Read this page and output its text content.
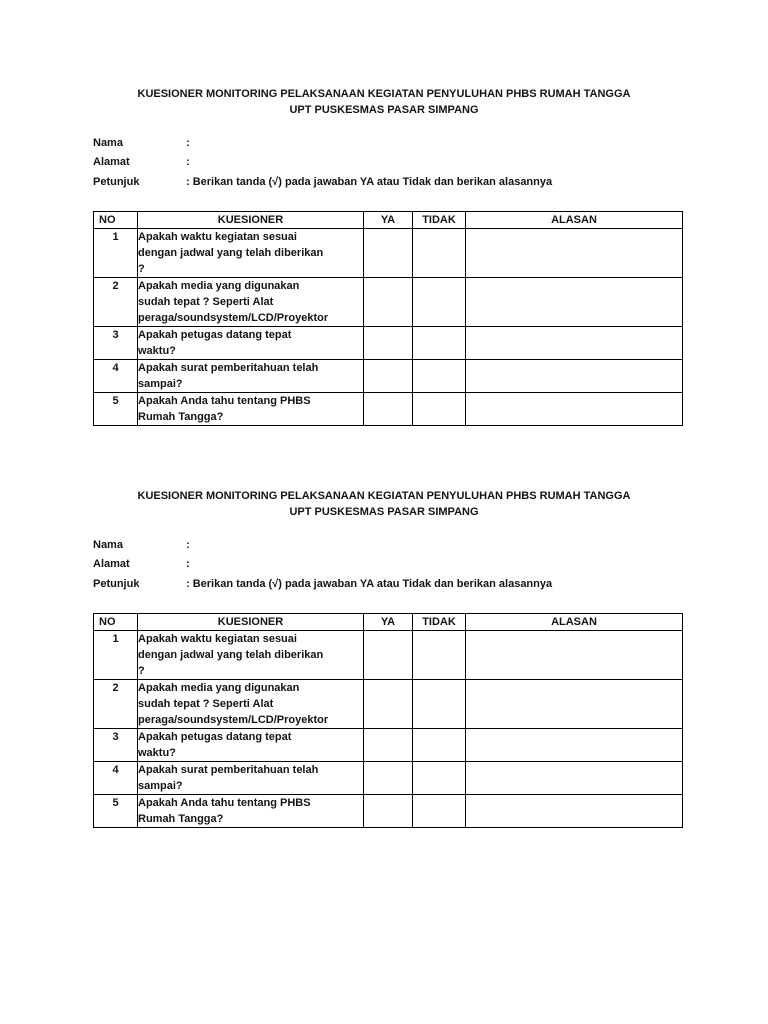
KUESIONER MONITORING PELAKSANAAN KEGIATAN PENYULUHAN PHBS RUMAH TANGGA
UPT PUSKESMAS PASAR SIMPANG
Nama	:
Alamat	:
Petunjuk	: Berikan tanda (√) pada jawaban YA atau Tidak dan berikan alasannya
NO	KUESIONER	YA	TIDAK	ALASAN
1	Apakah waktu kegiatan sesuai
dengan jadwal yang telah diberikan
?			

2	Apakah media yang digunakan
sudah tepat ? Seperti Alat
peraga/soundsystem/LCD/Proyektor			

3	Apakah petugas datang tepat
waktu?			

4	Apakah surat pemberitahuan telah
sampai?			

5	Apakah Anda tahu tentang PHBS
Rumah Tangga?			

KUESIONER MONITORING PELAKSANAAN KEGIATAN PENYULUHAN PHBS RUMAH TANGGA
UPT PUSKESMAS PASAR SIMPANG
Nama	:
Alamat	:
Petunjuk	: Berikan tanda (√) pada jawaban YA atau Tidak dan berikan alasannya
NO	KUESIONER	YA	TIDAK	ALASAN
1	Apakah waktu kegiatan sesuai
dengan jadwal yang telah diberikan
?			

2	Apakah media yang digunakan
sudah tepat ? Seperti Alat
peraga/soundsystem/LCD/Proyektor			

3	Apakah petugas datang tepat
waktu?			

4	Apakah surat pemberitahuan telah
sampai?			

5	Apakah Anda tahu tentang PHBS
Rumah Tangga?			
